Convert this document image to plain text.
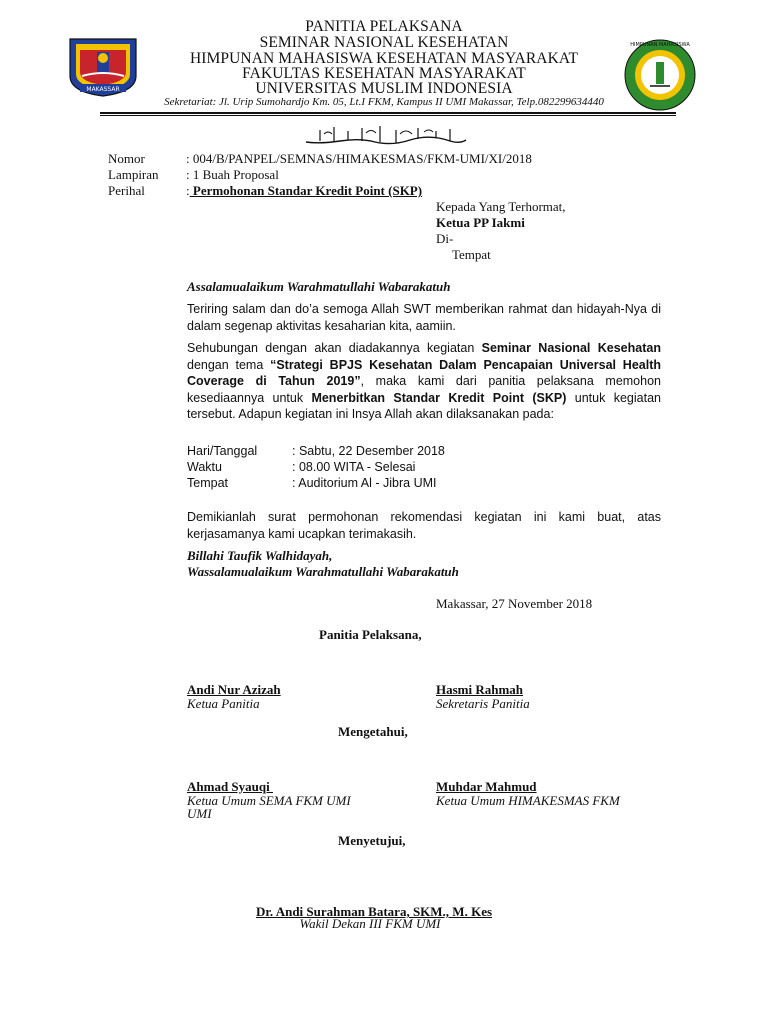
MAKASSAR
HIMPUNAN MAHASISWA
PANITIA PELAKSANA
SEMINAR NASIONAL KESEHATAN
HIMPUNAN MAHASISWA KESEHATAN MASYARAKAT
FAKULTAS KESEHATAN MASYARAKAT
UNIVERSITAS MUSLIM INDONESIA
Sekretariat: Jl. Urip Sumohardjo Km. 05, Lt.I FKM, Kampus II UMI Makassar, Telp.082299634440
Nomor	: 004/B/PANPEL/SEMNAS/HIMAKESMAS/FKM-UMI/XI/2018
Lampiran : 1 Buah Proposal
Perihal	: Permohonan Standar Kredit Point (SKP)
Kepada Yang Terhormat,
Ketua PP Iakmi
Di-
Tempat
Assalamualaikum Warahmatullahi Wabarakatuh
Teriring salam dan do’a semoga Allah SWT memberikan rahmat dan hidayah-Nya di dalam segenap aktivitas kesaharian kita, aamiin.
Sehubungan dengan akan diadakannya kegiatan Seminar Nasional Kesehatan dengan tema “Strategi BPJS Kesehatan Dalam Pencapaian Universal Health Coverage di Tahun 2019”, maka kami dari panitia pelaksana memohon kesediaannya untuk Menerbitkan Standar Kredit Point (SKP) untuk kegiatan tersebut. Adapun kegiatan ini Insya Allah akan dilaksanakan pada:
Hari/Tanggal	: Sabtu, 22 Desember 2018
Waktu	: 08.00 WITA - Selesai
Tempat	: Auditorium Al - Jibra UMI
Demikianlah surat permohonan rekomendasi kegiatan ini kami buat, atas kerjasamanya kami ucapkan terimakasih.
Billahi Taufik Walhidayah,
Wassalamualaikum Warahmatullahi Wabarakatuh
Makassar, 27 November 2018
Panitia Pelaksana,
Andi Nur Azizah
Ketua Panitia
Hasmi Rahmah
Sekretaris Panitia
Mengetahui,
Ahmad Syauqi
Ketua Umum SEMA FKM UMI
UMI
Muhdar Mahmud
Ketua Umum HIMAKESMAS FKM
Menyetujui,
Dr. Andi Surahman Batara, SKM., M. Kes
Wakil Dekan III FKM UMI
